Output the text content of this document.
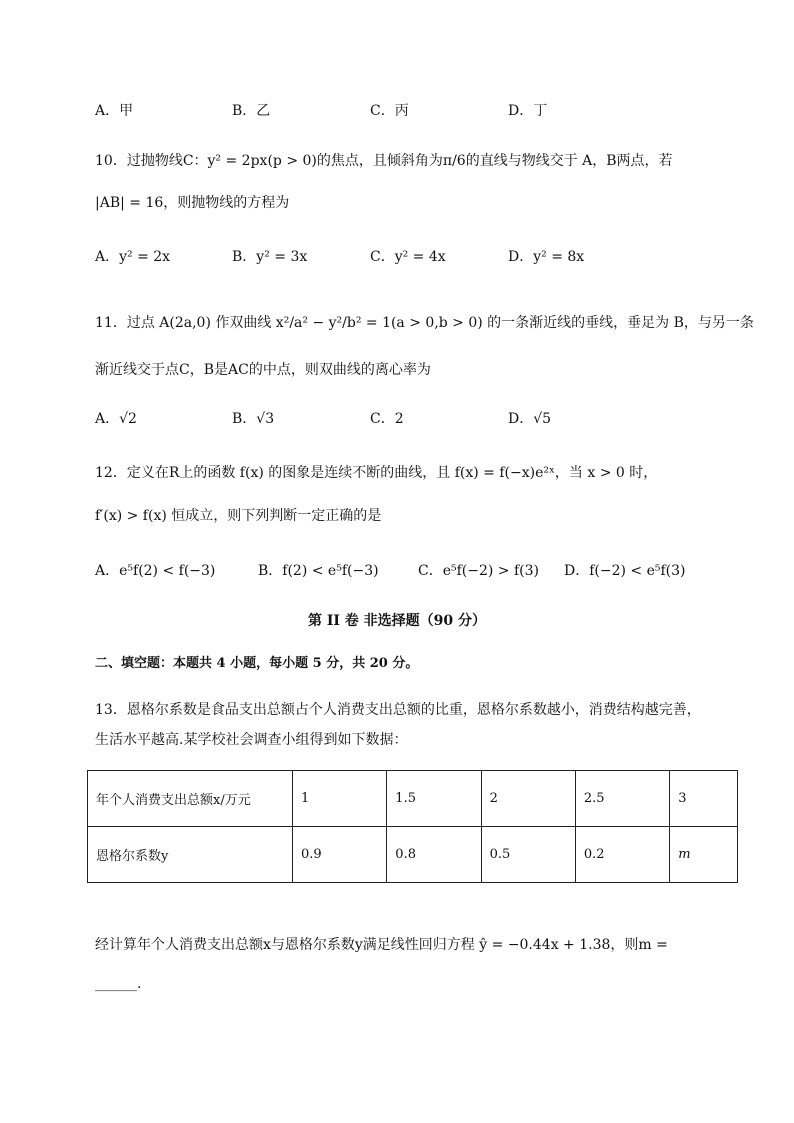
A．甲	B．乙	C．丙	D．丁
10．过抛物线C：y² = 2px(p > 0)的焦点，且倾斜角为π/6的直线与物线交于 A，B两点，若
|AB| = 16，则抛物线的方程为
A．y² = 2x	B．y² = 3x	C．y² = 4x	D．y² = 8x
11．过点 A(2a,0) 作双曲线 x²/a² − y²/b² = 1(a > 0,b > 0) 的一条渐近线的垂线，垂足为 B，与另一条
渐近线交于点C，B是AC的中点，则双曲线的离心率为
A．√2	B．√3	C．2	D．√5
12．定义在R上的函数 f(x) 的图象是连续不断的曲线，且 f(x) = f(−x)e²ˣ，当 x > 0 时，
f′(x) > f(x) 恒成立，则下列判断一定正确的是
A．e⁵f(2) < f(−3)	B．f(2) < e⁵f(−3)	C．e⁵f(−2) > f(3) D．f(−2) < e⁵f(3)
第 II 卷 非选择题（90 分）
二、填空题：本题共 4 小题，每小题 5 分，共 20 分。
13．恩格尔系数是食品支出总额占个人消费支出总额的比重，恩格尔系数越小，消费结构越完善，
生活水平越高.某学校社会调查小组得到如下数据：
年个人消费支出总额x/万元	1	1.5	2	2.5	3
恩格尔系数y	0.9	0.8	0.5	0.2	m
经计算年个人消费支出总额x与恩格尔系数y满足线性回归方程 ŷ = −0.44x + 1.38，则m =
______.
